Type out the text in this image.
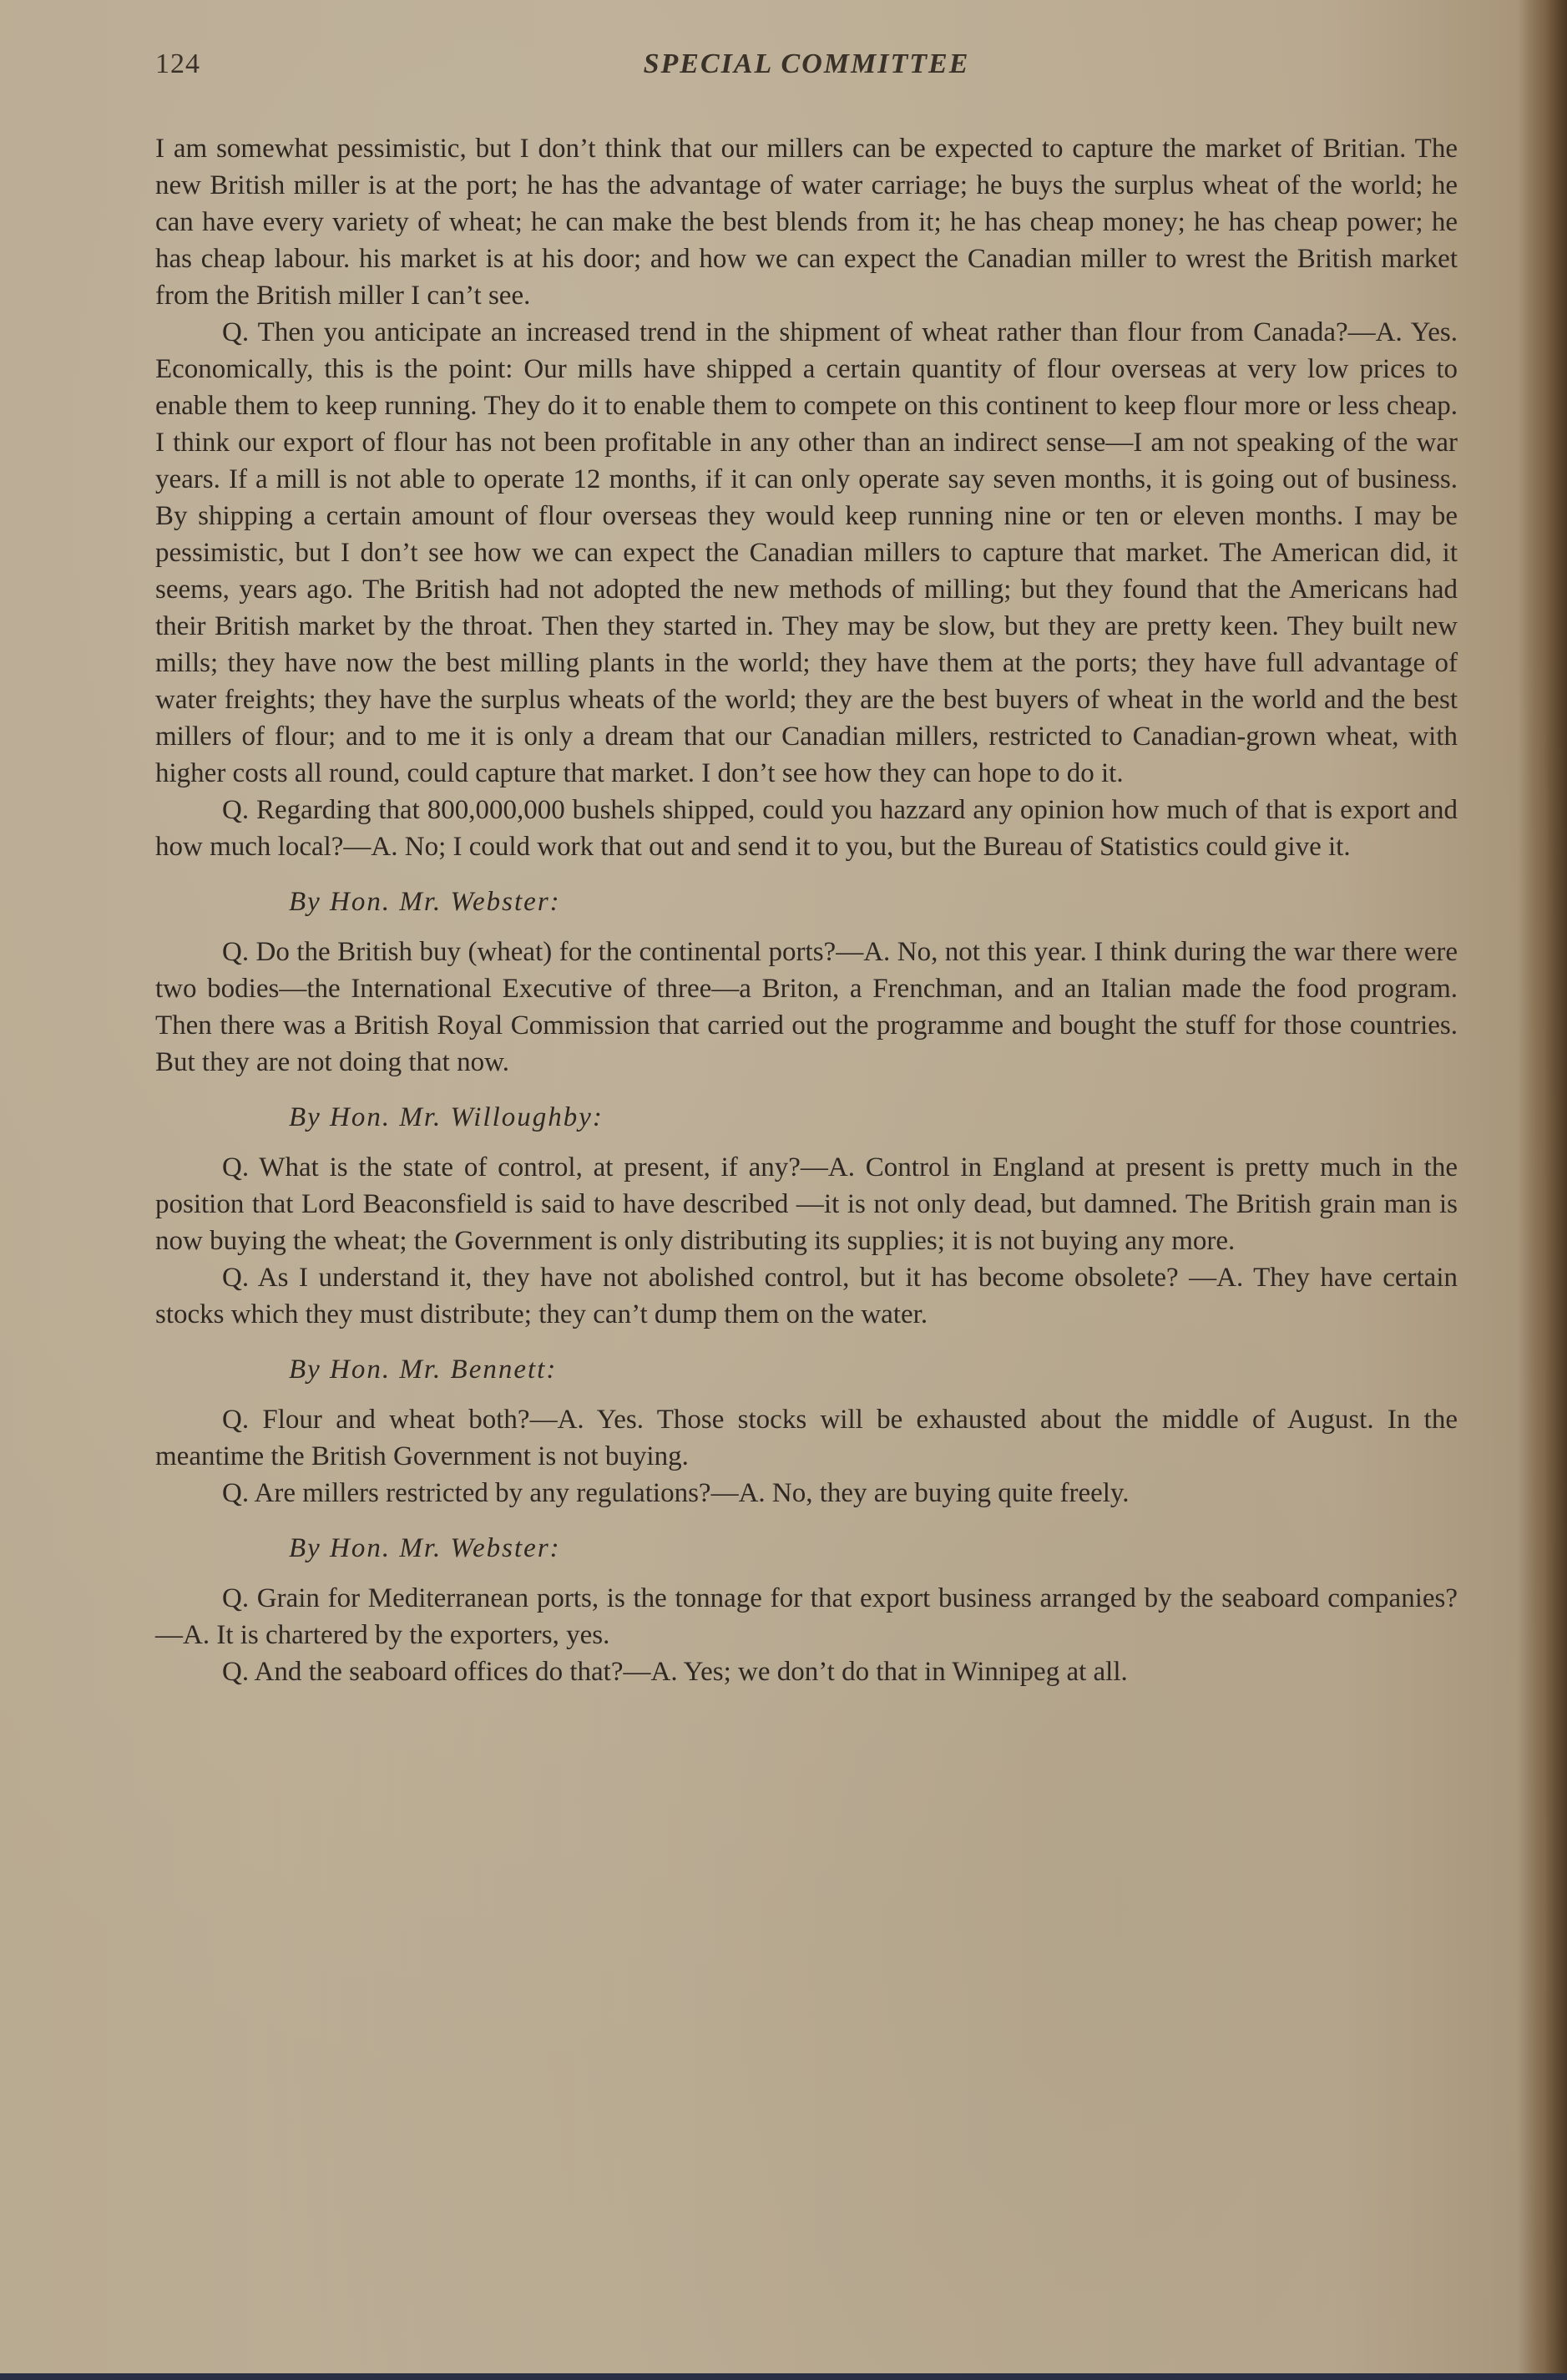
124	SPECIAL COMMITTEE

I am somewhat pessimistic, but I don’t think that our millers can be expected to capture the market of Britian. The new British miller is at the port; he has the advantage of water carriage; he buys the surplus wheat of the world; he can have every variety of wheat; he can make the best blends from it; he has cheap money; he has cheap power; he has cheap labour. his market is at his door; and how we can expect the Canadian miller to wrest the British market from the British miller I can’t see.

Q. Then you anticipate an increased trend in the shipment of wheat rather than flour from Canada?—A. Yes. Economically, this is the point: Our mills have shipped a certain quantity of flour overseas at very low prices to enable them to keep running. They do it to enable them to compete on this continent to keep flour more or less cheap. I think our export of flour has not been profitable in any other than an indirect sense—I am not speaking of the war years. If a mill is not able to operate 12 months, if it can only operate say seven months, it is going out of business. By shipping a certain amount of flour overseas they would keep running nine or ten or eleven months. I may be pessimistic, but I don’t see how we can expect the Canadian millers to capture that market. The American did, it seems, years ago. The British had not adopted the new methods of milling; but they found that the Americans had their British market by the throat. Then they started in. They may be slow, but they are pretty keen. They built new mills; they have now the best milling plants in the world; they have them at the ports; they have full advantage of water freights; they have the surplus wheats of the world; they are the best buyers of wheat in the world and the best millers of flour; and to me it is only a dream that our Canadian millers, restricted to Canadian-grown wheat, with higher costs all round, could capture that market. I don’t see how they can hope to do it.

Q. Regarding that 800,000,000 bushels shipped, could you hazzard any opinion how much of that is export and how much local?—A. No; I could work that out and send it to you, but the Bureau of Statistics could give it.

By Hon. Mr. Webster:

Q. Do the British buy (wheat) for the continental ports?—A. No, not this year. I think during the war there were two bodies—the International Executive of three—a Briton, a Frenchman, and an Italian made the food program. Then there was a British Royal Commission that carried out the programme and bought the stuff for those countries. But they are not doing that now.

By Hon. Mr. Willoughby:

Q. What is the state of control, at present, if any?—A. Control in England at present is pretty much in the position that Lord Beaconsfield is said to have described —it is not only dead, but damned. The British grain man is now buying the wheat; the Government is only distributing its supplies; it is not buying any more.

Q. As I understand it, they have not abolished control, but it has become obsolete? —A. They have certain stocks which they must distribute; they can’t dump them on the water.

By Hon. Mr. Bennett:

Q. Flour and wheat both?—A. Yes. Those stocks will be exhausted about the middle of August. In the meantime the British Government is not buying.

Q. Are millers restricted by any regulations?—A. No, they are buying quite freely.

By Hon. Mr. Webster:

Q. Grain for Mediterranean ports, is the tonnage for that export business arranged by the seaboard companies?—A. It is chartered by the exporters, yes.

Q. And the seaboard offices do that?—A. Yes; we don’t do that in Winnipeg at all.
